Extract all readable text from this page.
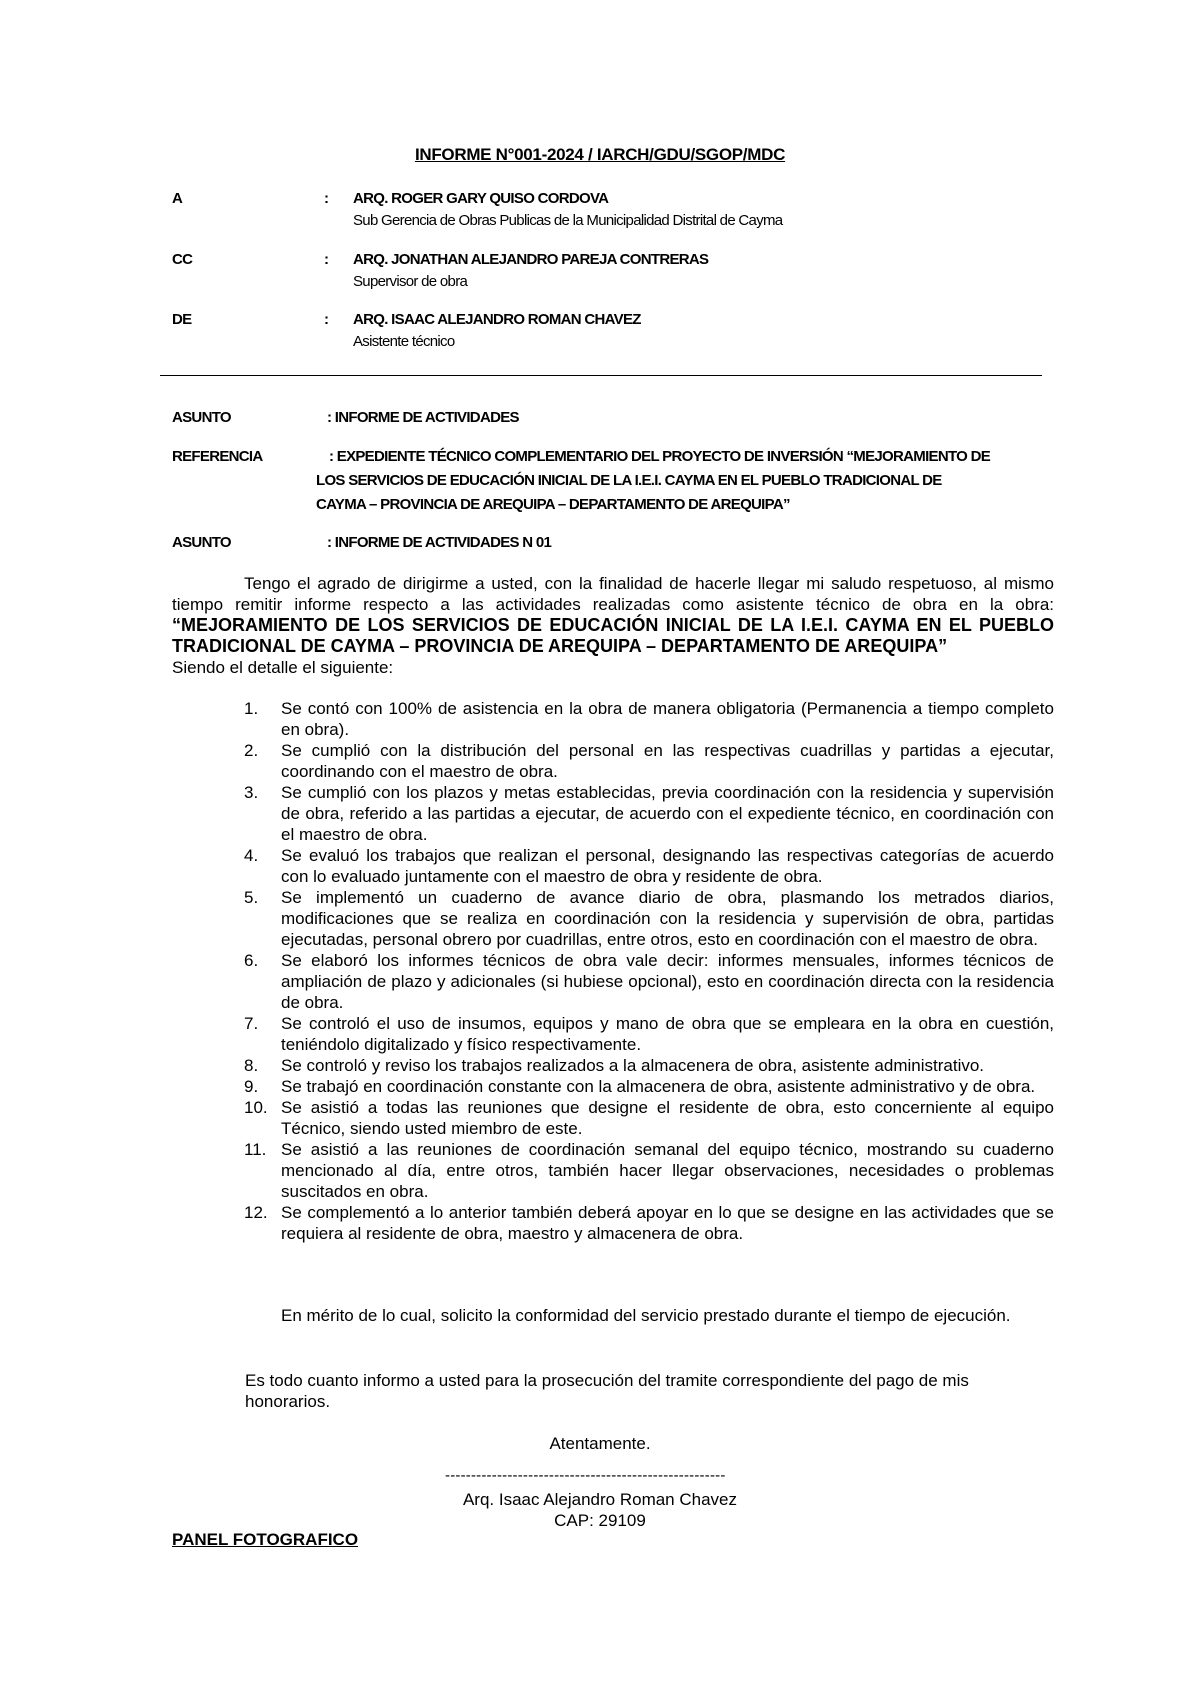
INFORME N°001-2024 / IARCH/GDU/SGOP/MDC
A	: ARQ. ROGER GARY QUISO CORDOVA
Sub Gerencia de Obras Publicas de la Municipalidad Distrital de Cayma
CC	: ARQ. JONATHAN ALEJANDRO PAREJA CONTRERAS
Supervisor de obra
DE	: ARQ. ISAAC ALEJANDRO ROMAN CHAVEZ
Asistente técnico
ASUNTO	: INFORME DE ACTIVIDADES
REFERENCIA	: EXPEDIENTE TÉCNICO COMPLEMENTARIO DEL PROYECTO DE INVERSIÓN “MEJORAMIENTO DE
LOS SERVICIOS DE EDUCACIÓN INICIAL DE LA I.E.I. CAYMA EN EL PUEBLO TRADICIONAL DE
CAYMA – PROVINCIA DE AREQUIPA – DEPARTAMENTO DE AREQUIPA”
ASUNTO	: INFORME DE ACTIVIDADES N 01
Tengo el agrado de dirigirme a usted, con la finalidad de hacerle llegar mi saludo respetuoso, al mismo tiempo remitir informe respecto a las actividades realizadas como asistente técnico de obra en la obra: “MEJORAMIENTO DE LOS SERVICIOS DE EDUCACIÓN INICIAL DE LA I.E.I. CAYMA EN EL PUEBLO TRADICIONAL DE CAYMA – PROVINCIA DE AREQUIPA – DEPARTAMENTO DE AREQUIPA”
Siendo el detalle el siguiente:
1. Se contó con 100% de asistencia en la obra de manera obligatoria (Permanencia a tiempo completo en obra).
2. Se cumplió con la distribución del personal en las respectivas cuadrillas y partidas a ejecutar, coordinando con el maestro de obra.
3. Se cumplió con los plazos y metas establecidas, previa coordinación con la residencia y supervisión de obra, referido a las partidas a ejecutar, de acuerdo con el expediente técnico, en coordinación con el maestro de obra.
4. Se evaluó los trabajos que realizan el personal, designando las respectivas categorías de acuerdo con lo evaluado juntamente con el maestro de obra y residente de obra.
5. Se implementó un cuaderno de avance diario de obra, plasmando los metrados diarios, modificaciones que se realiza en coordinación con la residencia y supervisión de obra, partidas ejecutadas, personal obrero por cuadrillas, entre otros, esto en coordinación con el maestro de obra.
6. Se elaboró los informes técnicos de obra vale decir: informes mensuales, informes técnicos de ampliación de plazo y adicionales (si hubiese opcional), esto en coordinación directa con la residencia de obra.
7. Se controló el uso de insumos, equipos y mano de obra que se empleara en la obra en cuestión, teniéndolo digitalizado y físico respectivamente.
8. Se controló y reviso los trabajos realizados a la almacenera de obra, asistente administrativo.
9. Se trabajó en coordinación constante con la almacenera de obra, asistente administrativo y de obra.
10. Se asistió a todas las reuniones que designe el residente de obra, esto concerniente al equipo Técnico, siendo usted miembro de este.
11. Se asistió a las reuniones de coordinación semanal del equipo técnico, mostrando su cuaderno mencionado al día, entre otros, también hacer llegar observaciones, necesidades o problemas suscitados en obra.
12. Se complementó a lo anterior también deberá apoyar en lo que se designe en las actividades que se requiera al residente de obra, maestro y almacenera de obra.
En mérito de lo cual, solicito la conformidad del servicio prestado durante el tiempo de ejecución.
Es todo cuanto informo a usted para la prosecución del tramite correspondiente del pago de mis honorarios.
Atentamente.
------------------------------------------------------
Arq. Isaac Alejandro Roman Chavez
CAP: 29109
PANEL FOTOGRAFICO
